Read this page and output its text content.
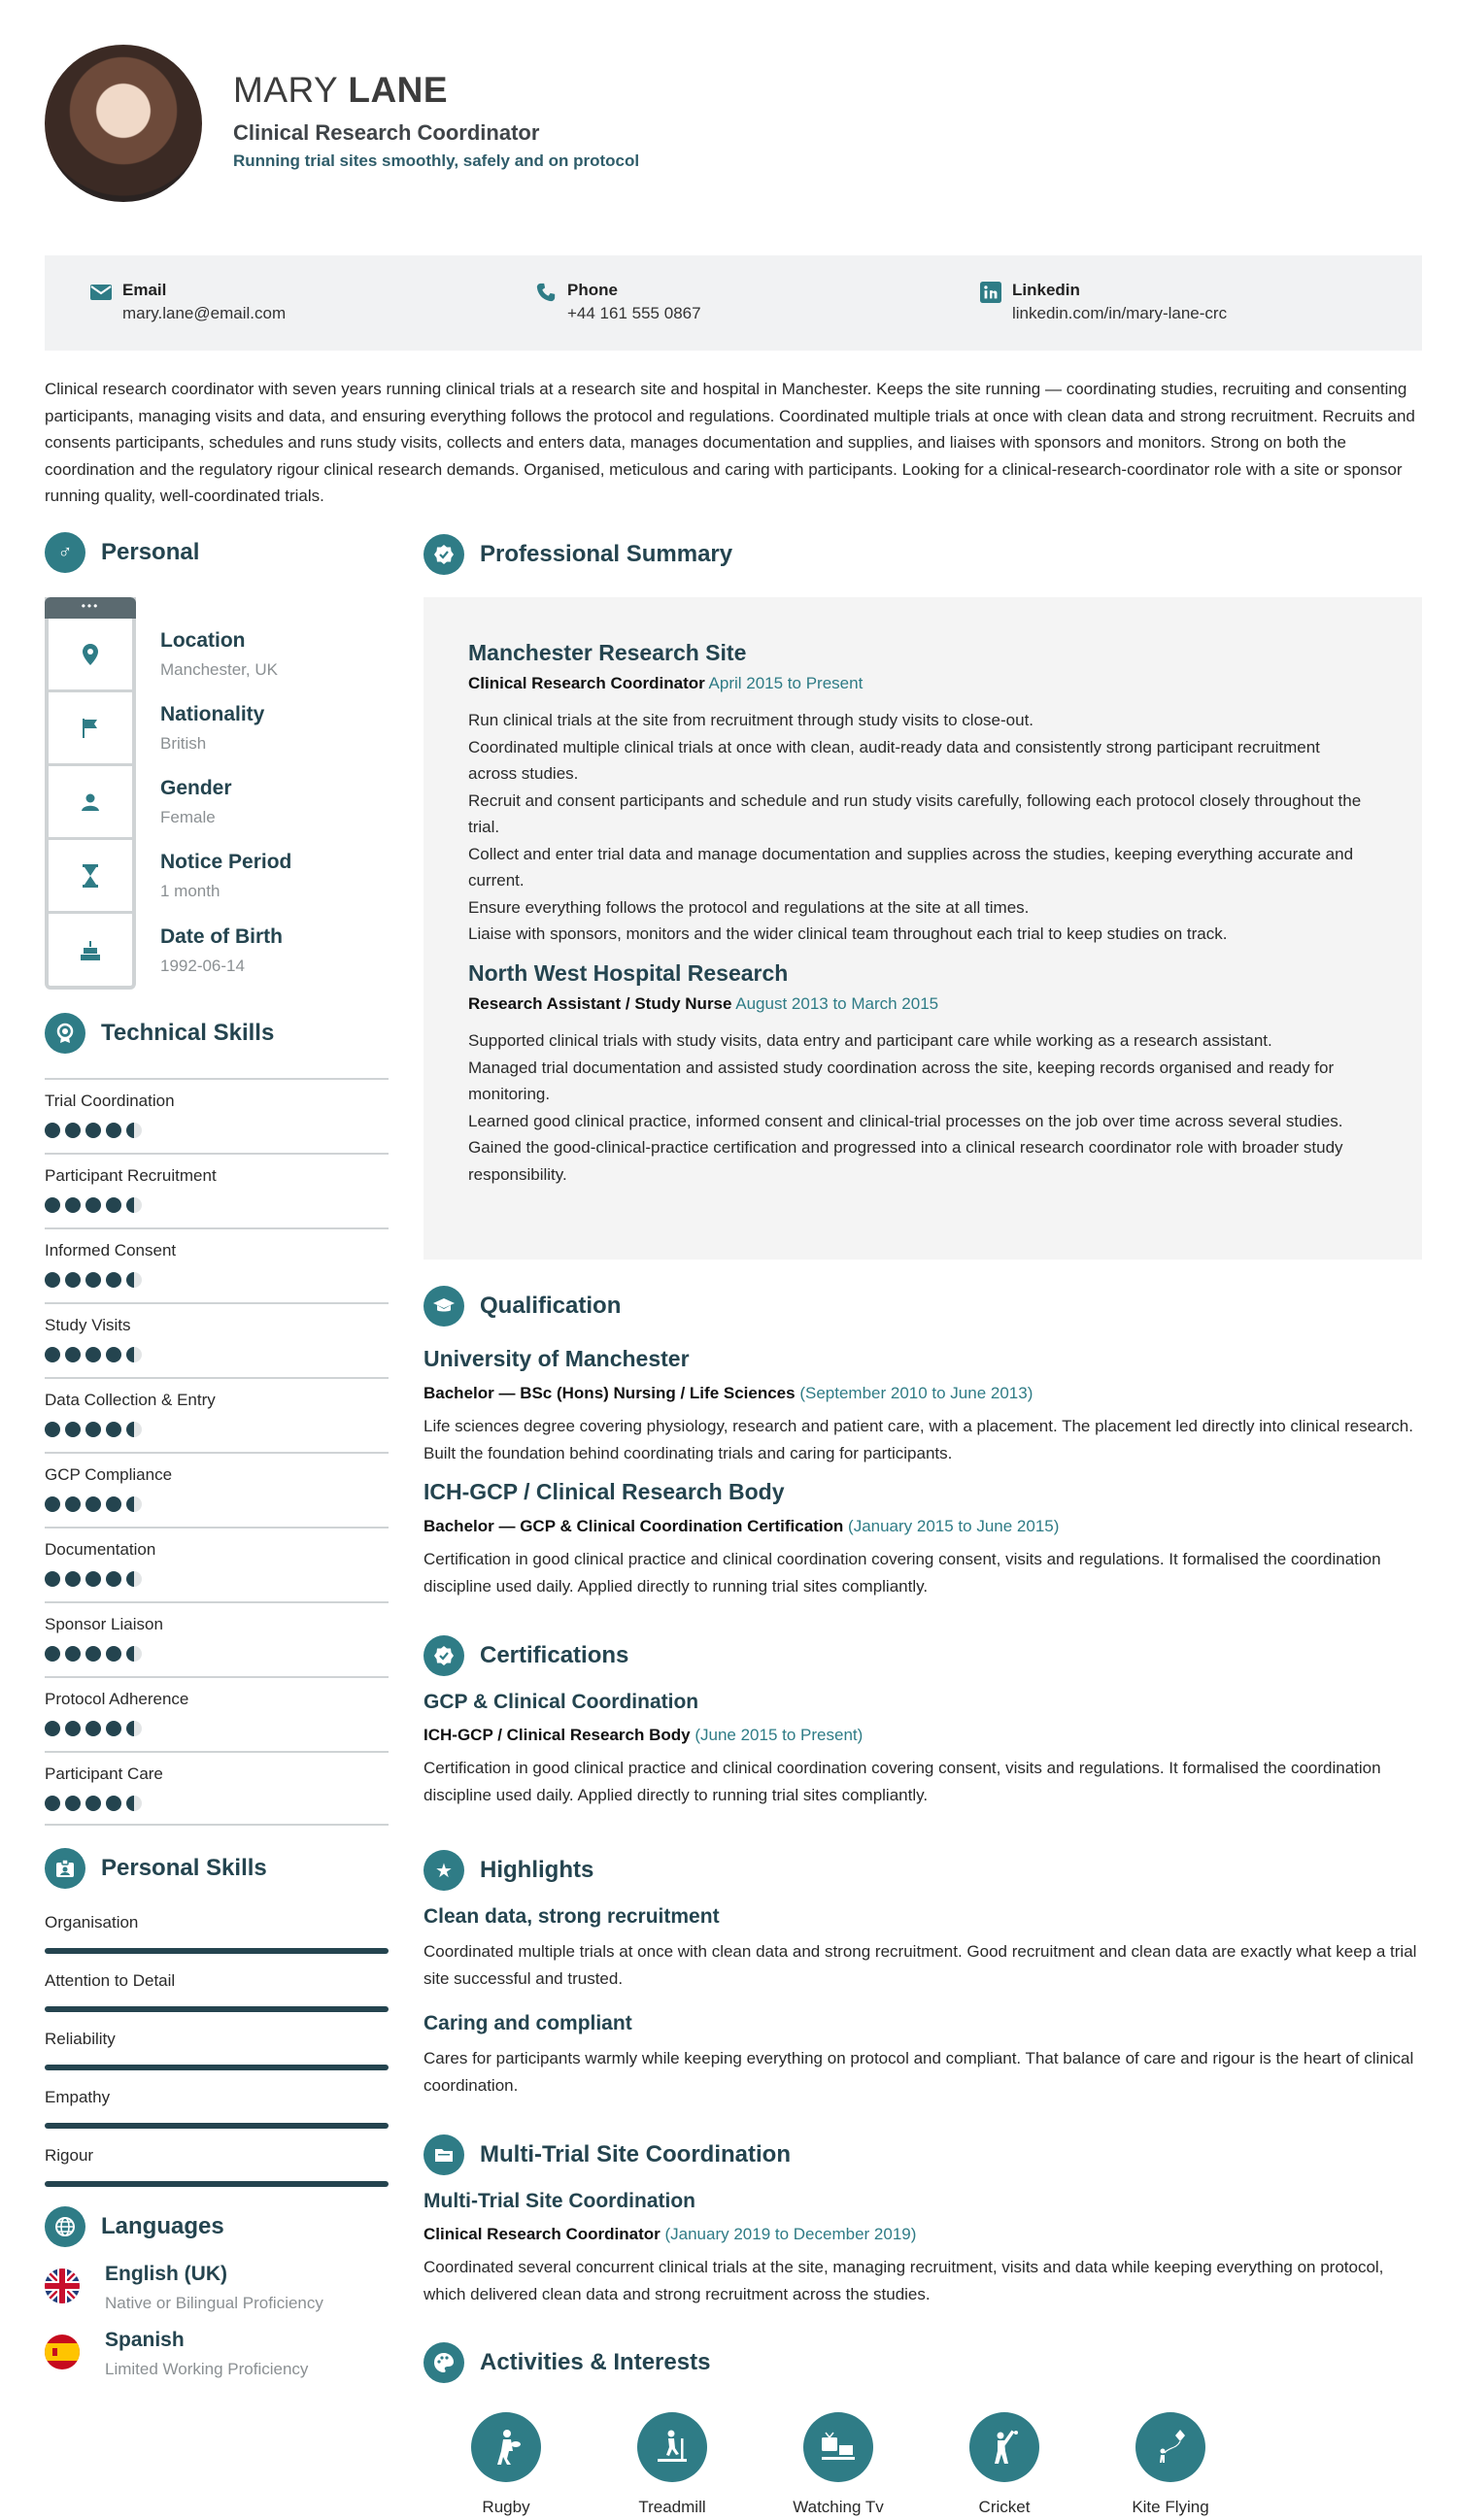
MARY LANE
Clinical Research Coordinator
Running trial sites smoothly, safely and on protocol
Email
mary.lane@email.com
Phone
+44 161 555 0867
Linkedin
linkedin.com/in/mary-lane-crc
Clinical research coordinator with seven years running clinical trials at a research site and hospital in Manchester. Keeps the site running — coordinating studies, recruiting and consenting participants, managing visits and data, and ensuring everything follows the protocol and regulations. Coordinated multiple trials at once with clean data and strong recruitment. Recruits and consents participants, schedules and runs study visits, collects and enters data, manages documentation and supplies, and liaises with sponsors and monitors. Strong on both the coordination and the regulatory rigour clinical research demands. Organised, meticulous and caring with participants. Looking for a clinical-research-coordinator role with a site or sponsor running quality, well-coordinated trials.
♂	Personal
•••
Location
Manchester, UK
Nationality
British
Gender
Female
Notice Period
1 month
Date of Birth
1992-06-14
Technical Skills
Trial Coordination
Participant Recruitment
Informed Consent
Study Visits
Data Collection & Entry
GCP Compliance
Documentation
Sponsor Liaison
Protocol Adherence
Participant Care
Personal Skills
Organisation
Attention to Detail
Reliability
Empathy
Rigour
Languages
English (UK)
Native or Bilingual Proficiency
Spanish
Limited Working Proficiency
Professional Summary
Manchester Research Site
Clinical Research Coordinator April 2015 to Present
Run clinical trials at the site from recruitment through study visits to close-out.
Coordinated multiple clinical trials at once with clean, audit-ready data and consistently strong participant recruitment across studies.
Recruit and consent participants and schedule and run study visits carefully, following each protocol closely throughout the trial.
Collect and enter trial data and manage documentation and supplies across the studies, keeping everything accurate and current.
Ensure everything follows the protocol and regulations at the site at all times.
Liaise with sponsors, monitors and the wider clinical team throughout each trial to keep studies on track.
North West Hospital Research
Research Assistant / Study Nurse August 2013 to March 2015
Supported clinical trials with study visits, data entry and participant care while working as a research assistant.
Managed trial documentation and assisted study coordination across the site, keeping records organised and ready for monitoring.
Learned good clinical practice, informed consent and clinical-trial processes on the job over time across several studies.
Gained the good-clinical-practice certification and progressed into a clinical research coordinator role with broader study responsibility.
Qualification
University of Manchester
Bachelor — BSc (Hons) Nursing / Life Sciences (September 2010 to June 2013)
Life sciences degree covering physiology, research and patient care, with a placement. The placement led directly into clinical research. Built the foundation behind coordinating trials and caring for participants.
ICH-GCP / Clinical Research Body
Bachelor — GCP & Clinical Coordination Certification (January 2015 to June 2015)
Certification in good clinical practice and clinical coordination covering consent, visits and regulations. It formalised the coordination discipline used daily. Applied directly to running trial sites compliantly.
Certifications
GCP & Clinical Coordination
ICH-GCP / Clinical Research Body (June 2015 to Present)
Certification in good clinical practice and clinical coordination covering consent, visits and regulations. It formalised the coordination discipline used daily. Applied directly to running trial sites compliantly.
★	Highlights
Clean data, strong recruitment
Coordinated multiple trials at once with clean data and strong recruitment. Good recruitment and clean data are exactly what keep a trial site successful and trusted.
Caring and compliant
Cares for participants warmly while keeping everything on protocol and compliant. That balance of care and rigour is the heart of clinical coordination.
Multi-Trial Site Coordination
Multi-Trial Site Coordination
Clinical Research Coordinator (January 2019 to December 2019)
Coordinated several concurrent clinical trials at the site, managing recruitment, visits and data while keeping everything on protocol, which delivered clean data and strong recruitment across the studies.
Activities & Interests
Rugby	Treadmill	Watching Tv	Cricket	Kite Flying
